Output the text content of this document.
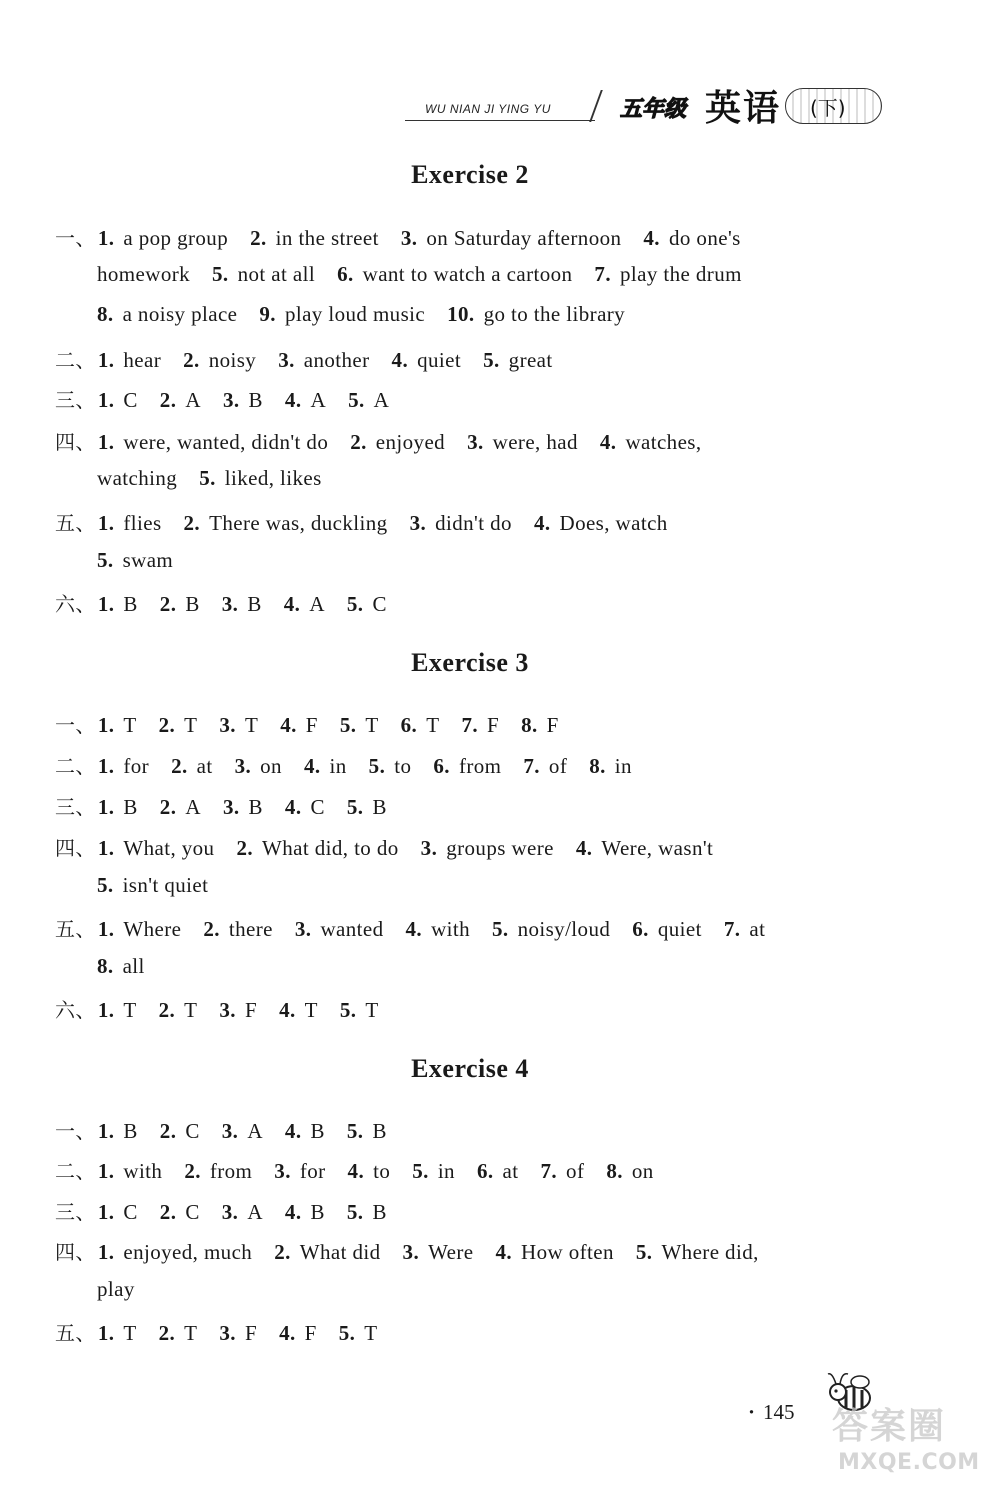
WU NIAN JI YING YU	五年级 英语 (下)
Exercise 2
一、1. a pop group 2. in the street 3. on Saturday afternoon 4. do one's
homework 5. not at all 6. want to watch a cartoon 7. play the drum
8. a noisy place 9. play loud music 10. go to the library
二、1. hear 2. noisy 3. another 4. quiet 5. great
三、1. C 2. A 3. B 4. A 5. A
四、1. were, wanted, didn't do 2. enjoyed 3. were, had 4. watches,
watching 5. liked, likes
五、1. flies 2. There was, duckling 3. didn't do 4. Does, watch
5. swam
六、1. B 2. B 3. B 4. A 5. C
Exercise 3
一、1. T 2. T 3. T 4. F 5. T 6. T 7. F 8. F
二、1. for 2. at 3. on 4. in 5. to 6. from 7. of 8. in
三、1. B 2. A 3. B 4. C 5. B
四、1. What, you 2. What did, to do 3. groups were 4. Were, wasn't
5. isn't quiet
五、1. Where 2. there 3. wanted 4. with 5. noisy/loud 6. quiet 7. at
8. all
六、1. T 2. T 3. F 4. T 5. T
Exercise 4
一、1. B 2. C 3. A 4. B 5. B
二、1. with 2. from 3. for 4. to 5. in 6. at 7. of 8. on
三、1. C 2. C 3. A 4. B 5. B
四、1. enjoyed, much 2. What did 3. Were 4. How often 5. Where did,
play
五、1. T 2. T 3. F 4. F 5. T
· 145 答案圈
MXQE.COM
